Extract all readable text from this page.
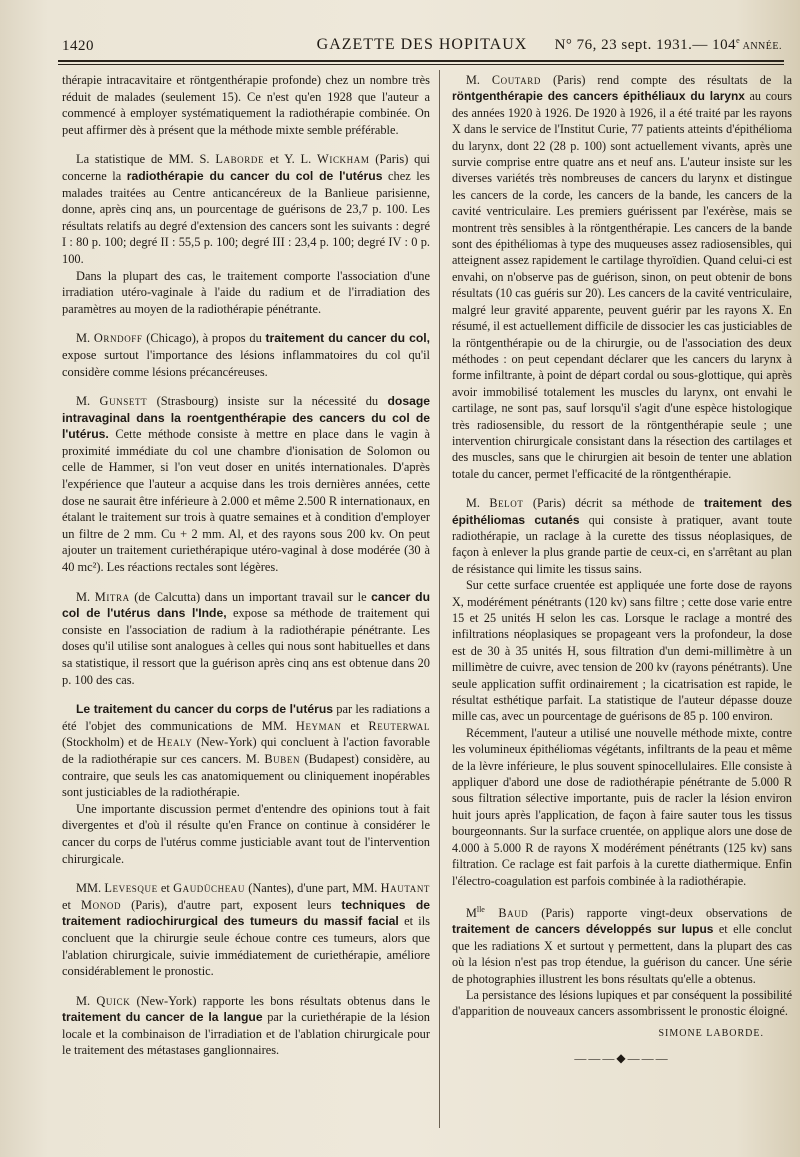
1420	GAZETTE DES HOPITAUX	N° 76, 23 sept. 1931.— 104e ANNÉE.

thérapie intracavitaire et röntgenthérapie profonde) chez un nombre très réduit de malades (seulement 15). Ce n'est qu'en 1928 que l'auteur a commencé à employer systématiquement la radiothérapie combinée. On peut affirmer dès à présent que la méthode mixte semble préférable.

La statistique de MM. S. Laborde et Y. L. Wickham (Paris) qui concerne la radiothérapie du cancer du col de l'utérus chez les malades traitées au Centre anticancéreux de la Banlieue parisienne, donne, après cinq ans, un pourcentage de guérisons de 23,7 p. 100. Les résultats relatifs au degré d'extension des cancers sont les suivants : degré I : 80 p. 100; degré II : 55,5 p. 100; degré III : 23,4 p. 100; degré IV : 0 p. 100.

Dans la plupart des cas, le traitement comporte l'association d'une irradiation utéro-vaginale à l'aide du radium et de l'irradiation des paramètres au moyen de la radiothérapie pénétrante.

M. Orndoff (Chicago), à propos du traitement du cancer du col, expose surtout l'importance des lésions inflammatoires du col qu'il considère comme lésions précancéreuses.

M. Gunsett (Strasbourg) insiste sur la nécessité du dosage intravaginal dans la roentgenthérapie des cancers du col de l'utérus. Cette méthode consiste à mettre en place dans le vagin à proximité immédiate du col une chambre d'ionisation de Solomon ou celle de Hammer, si l'on veut doser en unités internationales. D'après l'expérience que l'auteur a acquise dans les trois dernières années, cette dose ne saurait être inférieure à 2.000 et même 2.500 R internationaux, en étalant le traitement sur trois à quatre semaines et à condition d'employer un filtre de 2 mm. Cu + 2 mm. Al, et des rayons sous 200 kv. On peut ajouter un traitement curiethérapique utéro-vaginal à dose modérée (30 à 40 mc²). Les réactions rectales sont légères.

M. Mitra (de Calcutta) dans un important travail sur le cancer du col de l'utérus dans l'Inde, expose sa méthode de traitement qui consiste en l'association de radium à la radiothérapie pénétrante. Les doses qu'il utilise sont analogues à celles qui nous sont habituelles et dans sa statistique, il ressort que la guérison après cinq ans est obtenue dans 20 p. 100 des cas.

Le traitement du cancer du corps de l'utérus par les radiations a été l'objet des communications de MM. Heyman et Reuterwal (Stockholm) et de Healy (New-York) qui concluent à l'action favorable de la radiothérapie sur ces cancers. M. Buben (Budapest) considère, au contraire, que seuls les cas anatomiquement ou cliniquement inopérables sont justiciables de la radiothérapie.

Une importante discussion permet d'entendre des opinions tout à fait divergentes et d'où il résulte qu'en France on continue à considérer le cancer du corps de l'utérus comme justiciable avant tout de l'intervention chirurgicale.

MM. Levesque et Gaudücheau (Nantes), d'une part, MM. Hautant et Monod (Paris), d'autre part, exposent leurs techniques de traitement radiochirurgical des tumeurs du massif facial et ils concluent que la chirurgie seule échoue contre ces tumeurs, alors que l'ablation chirurgicale, suivie immédiatement de curiethérapie, améliore considérablement le pronostic.

M. Quick (New-York) rapporte les bons résultats obtenus dans le traitement du cancer de la langue par la curiethérapie de la lésion locale et la combinaison de l'irradiation et de l'ablation chirurgicale pour le traitement des métastases ganglionnaires.

M. Coutard (Paris) rend compte des résultats de la röntgenthérapie des cancers épithéliaux du larynx au cours des années 1920 à 1926. De 1920 à 1926, il a été traité par les rayons X dans le service de l'Institut Curie, 77 patients atteints d'épithélioma du larynx, dont 22 (28 p. 100) sont actuellement vivants, après une survie comprise entre quatre ans et neuf ans. L'auteur insiste sur les diverses variétés très nombreuses de cancers du larynx et distingue les cancers de la corde, les cancers de la bande, les cancers de la cavité ventriculaire. Les premiers guérissent par l'exérèse, mais se montrent très sensibles à la röntgenthérapie. Les cancers de la bande sont des épithéliomas à type des muqueuses assez radiosensibles, qui atteignent assez rapidement le cartilage thyroïdien. Quand celui-ci est envahi, on n'observe pas de guérison, sinon, on peut obtenir de bons résultats (10 cas guéris sur 20). Les cancers de la cavité ventriculaire, malgré leur gravité apparente, peuvent guérir par les rayons X. En résumé, il est actuellement difficile de dissocier les cas justiciables de la röntgenthérapie ou de la chirurgie, ou de l'association des deux méthodes : on peut cependant déclarer que les cancers du larynx à forme infiltrante, à point de départ cordal ou sous-glottique, qui après avoir immobilisé totalement les muscles du larynx, ont envahi le cartilage, ne sont pas, sauf lorsqu'il s'agit d'une espèce histologique très radiosensible, du ressort de la röntgenthérapie seule ; une intervention chirurgicale consistant dans la résection des cartilages et des muscles, sans que le chirurgien ait besoin de tenter une ablation totale du cancer, permet l'efficacité de la röntgenthérapie.

M. Belot (Paris) décrit sa méthode de traitement des épithéliomas cutanés qui consiste à pratiquer, avant toute radiothérapie, un raclage à la curette des tissus néoplasiques, de façon à enlever la plus grande partie de ceux-ci, en s'arrêtant au plan de résistance qui limite les tissus sains.

Sur cette surface cruentée est appliquée une forte dose de rayons X, modérément pénétrants (120 kv) sans filtre ; cette dose varie entre 15 et 25 unités H selon les cas. Lorsque le raclage a montré des infiltrations néoplasiques se propageant vers la profondeur, la dose est de 30 à 35 unités H, sous filtration d'un demi-millimètre à un millimètre de cuivre, avec tension de 200 kv (rayons pénétrants). Une seule application suffit ordinairement ; la cicatrisation est rapide, le résultat esthétique parfait. La statistique de l'auteur dépasse douze mille cas, avec un pourcentage de guérisons de 85 p. 100 environ.

Récemment, l'auteur a utilisé une nouvelle méthode mixte, contre les volumineux épithéliomas végétants, infiltrants de la peau et même de la lèvre inférieure, le plus souvent spinocellulaires. Elle consiste à appliquer d'abord une dose de radiothérapie pénétrante de 5.000 R sous filtration sélective importante, puis de racler la lésion environ huit jours après l'application, de façon à faire sauter tous les tissus bourgeonnants. Sur la surface cruentée, on applique alors une dose de 4.000 à 5.000 R de rayons X modérément pénétrants (125 kv) sans filtration. Ce raclage est fait parfois à la curette diathermique. Enfin l'électro-coagulation est parfois combinée à la radiothérapie.

$M^{lle}$ Baud (Paris) rapporte vingt-deux observations de traitement de cancers développés sur lupus et elle conclut que les radiations X et surtout γ permettent, dans la plupart des cas où la lésion n'est pas trop étendue, la guérison du cancer. Une série de photographies illustrent les bons résultats qu'elle a obtenus.

La persistance des lésions lupiques et par conséquent la possibilité d'apparition de nouveaux cancers assombrissent le pronostic éloigné.

SIMONE LABORDE.
———◆———
